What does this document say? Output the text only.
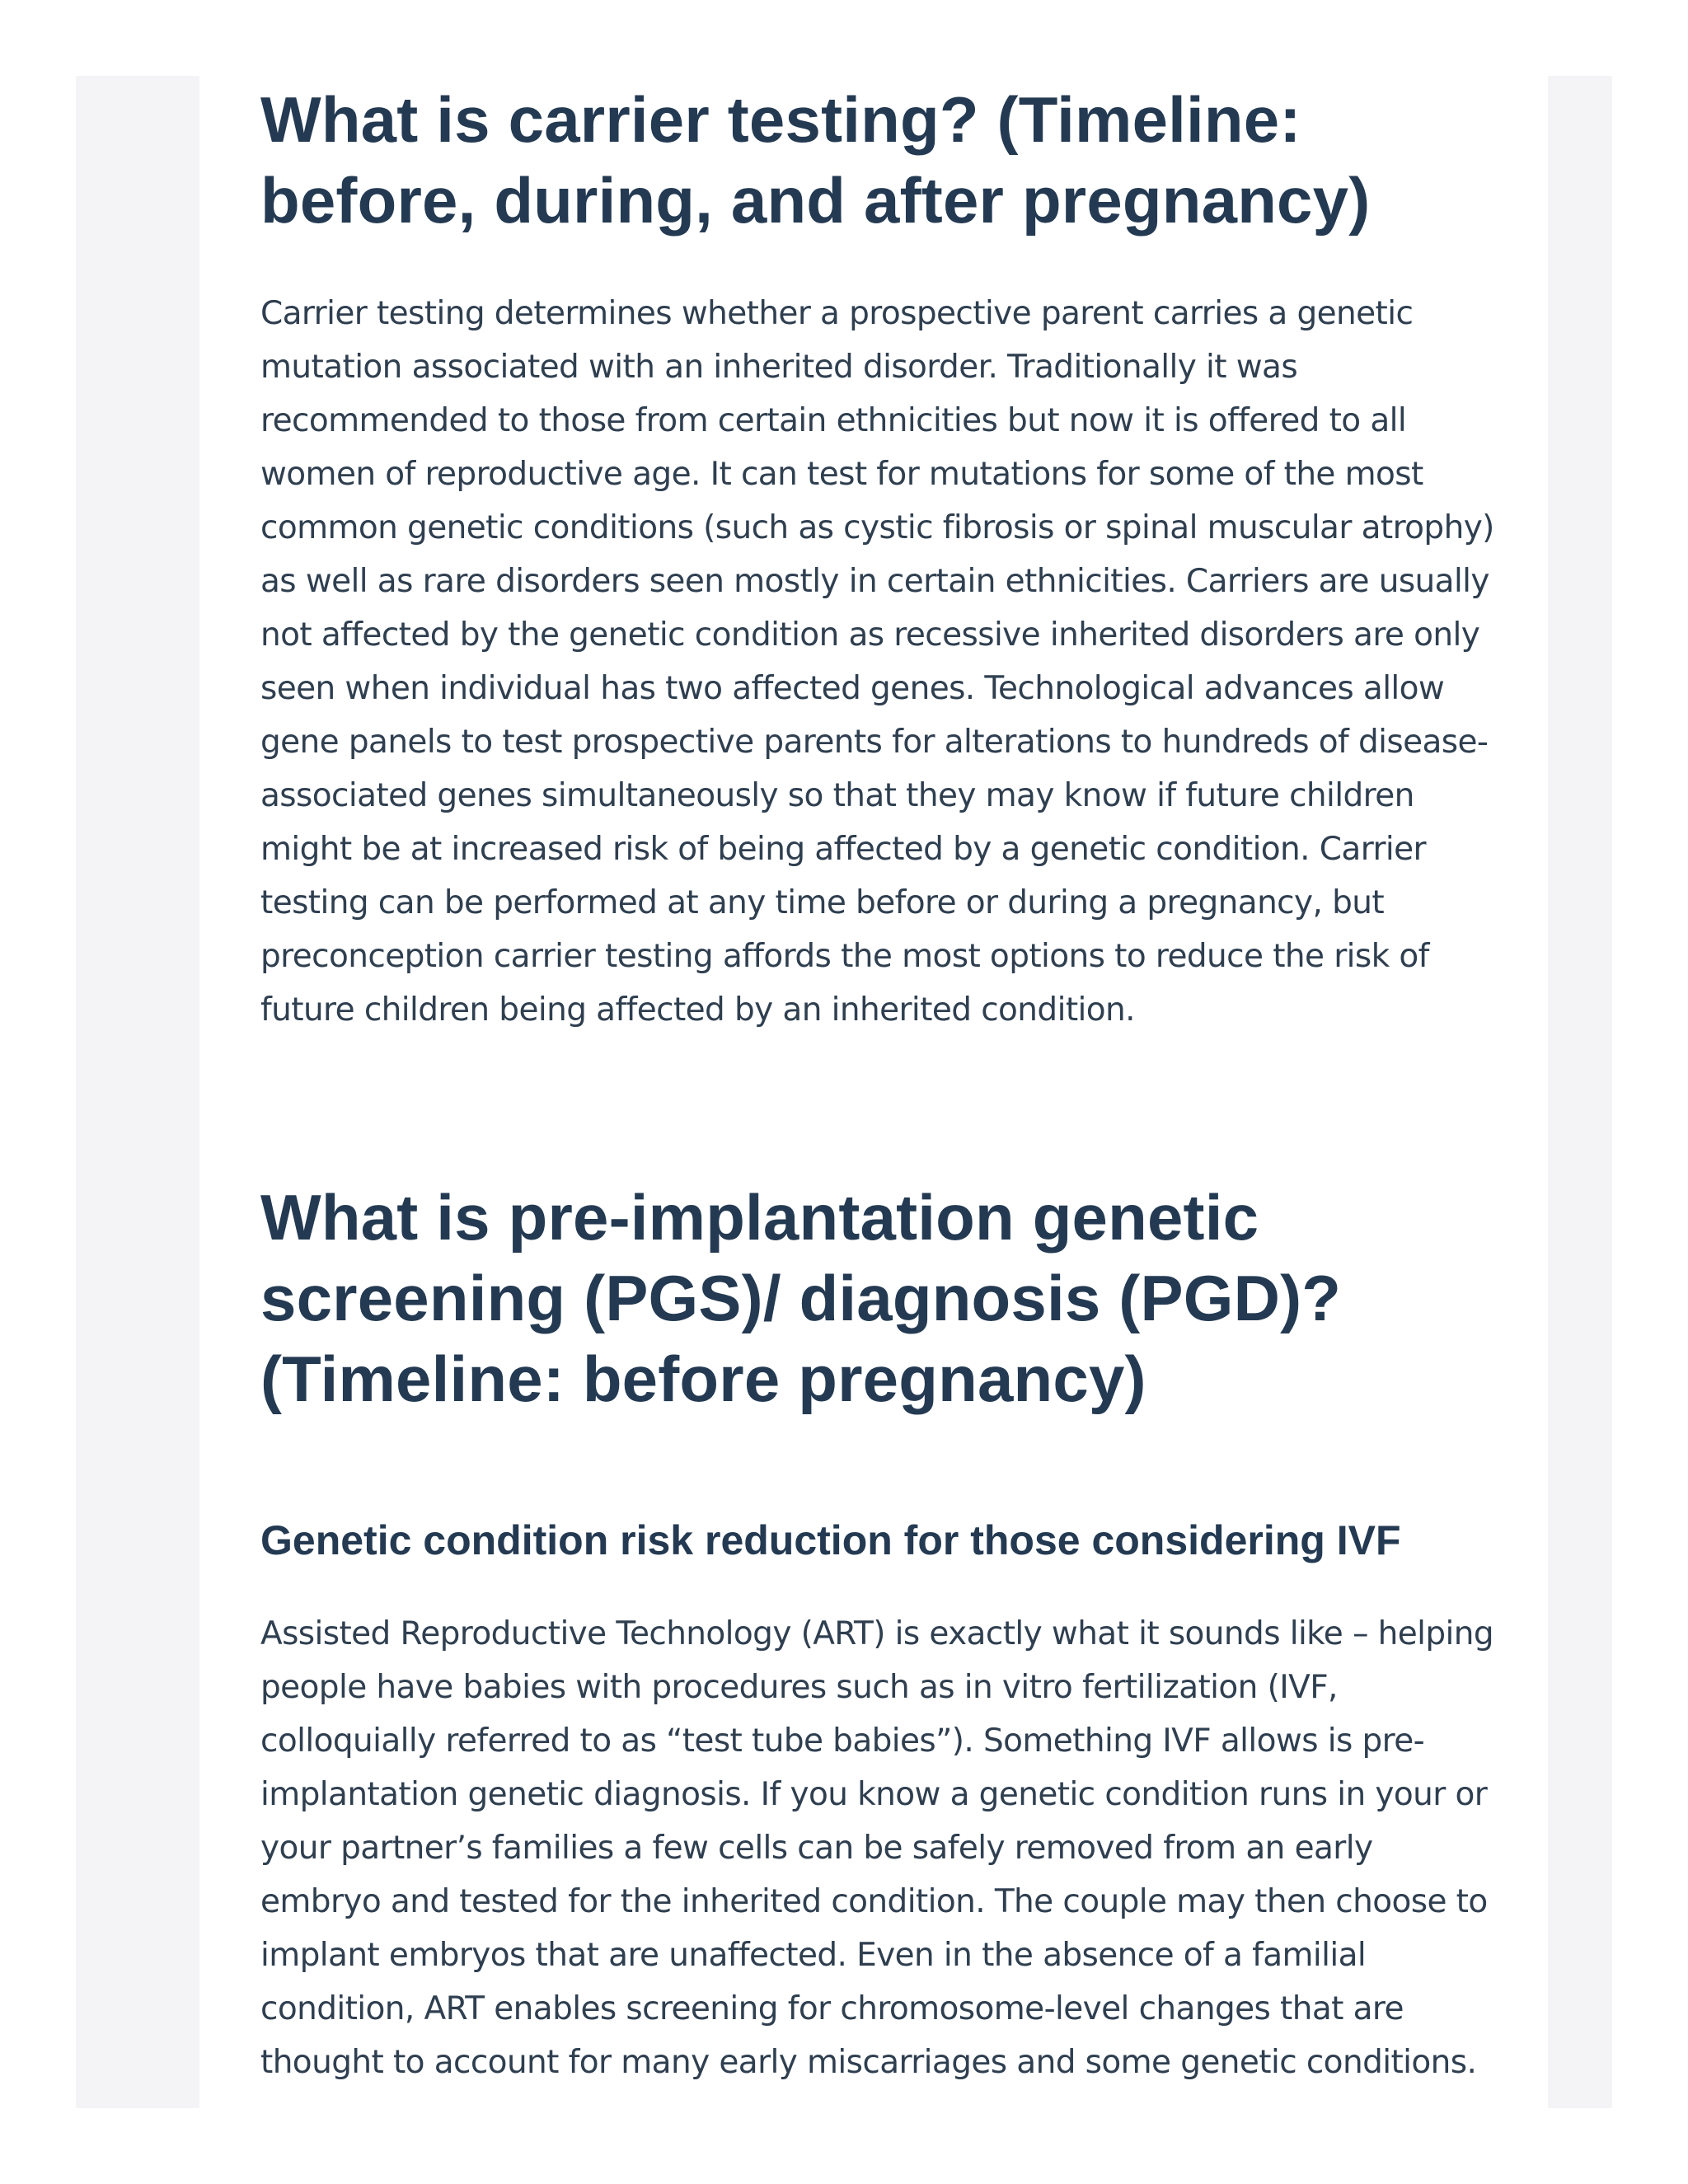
What is carrier testing? (Timeline: before, during, and after pregnancy)

Carrier testing determines whether a prospective parent carries a genetic mutation associated with an inherited disorder. Traditionally it was recommended to those from certain ethnicities but now it is offered to all women of reproductive age. It can test for mutations for some of the most common genetic conditions (such as cystic fibrosis or spinal muscular atrophy) as well as rare disorders seen mostly in certain ethnicities. Carriers are usually not affected by the genetic condition as recessive inherited disorders are only seen when individual has two affected genes. Technological advances allow gene panels to test prospective parents for alterations to hundreds of disease-associated genes simultaneously so that they may know if future children might be at increased risk of being affected by a genetic condition. Carrier testing can be performed at any time before or during a pregnancy, but preconception carrier testing affords the most options to reduce the risk of future children being affected by an inherited condition.

What is pre-implantation genetic screening (PGS)/ diagnosis (PGD)? (Timeline: before pregnancy)
Genetic condition risk reduction for those considering IVF

Assisted Reproductive Technology (ART) is exactly what it sounds like – helping people have babies with procedures such as in vitro fertilization (IVF, colloquially referred to as “test tube babies”). Something IVF allows is pre-implantation genetic diagnosis. If you know a genetic condition runs in your or your partner’s families a few cells can be safely removed from an early embryo and tested for the inherited condition. The couple may then choose to implant embryos that are unaffected. Even in the absence of a familial condition, ART enables screening for chromosome-level changes that are thought to account for many early miscarriages and some genetic conditions.
